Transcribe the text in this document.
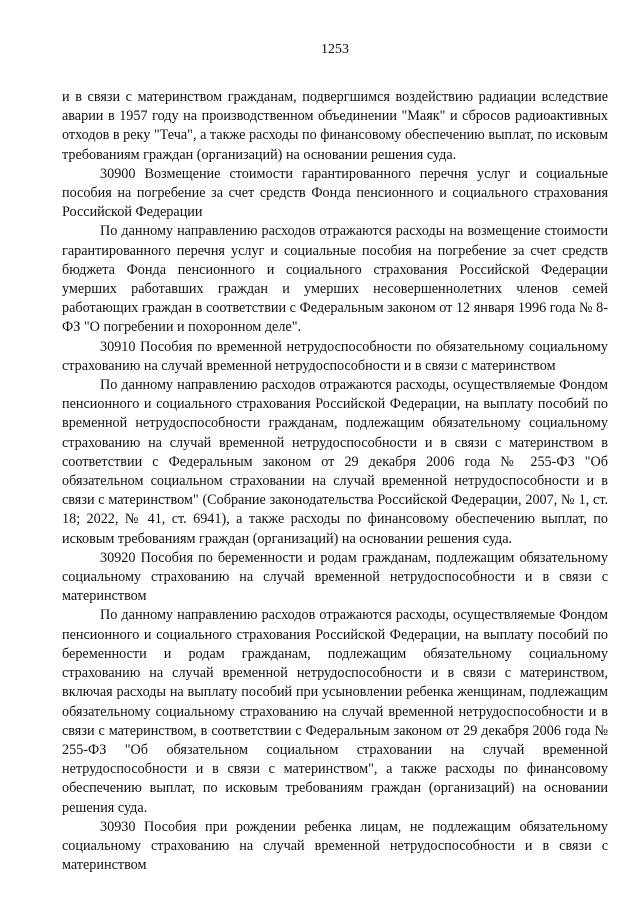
1253

и в связи с материнством гражданам, подвергшимся воздействию радиации вследствие аварии в 1957 году на производственном объединении "Маяк" и сбросов радиоактивных отходов в реку "Теча", а также расходы по финансовому обеспечению выплат, по исковым требованиям граждан (организаций) на основании решения суда.

30900 Возмещение стоимости гарантированного перечня услуг и социальные пособия на погребение за счет средств Фонда пенсионного и социального страхования Российской Федерации

По данному направлению расходов отражаются расходы на возмещение стоимости гарантированного перечня услуг и социальные пособия на погребение за счет средств бюджета Фонда пенсионного и социального страхования Российской Федерации умерших работавших граждан и умерших несовершеннолетних членов семей работающих граждан в соответствии с Федеральным законом от 12 января 1996 года № 8-ФЗ "О погребении и похоронном деле".

30910 Пособия по временной нетрудоспособности по обязательному социальному страхованию на случай временной нетрудоспособности и в связи с материнством

По данному направлению расходов отражаются расходы, осуществляемые Фондом пенсионного и социального страхования Российской Федерации, на выплату пособий по временной нетрудоспособности гражданам, подлежащим обязательному социальному страхованию на случай временной нетрудоспособности и в связи с материнством в соответствии с Федеральным законом от 29 декабря 2006 года № 255-ФЗ "Об обязательном социальном страховании на случай временной нетрудоспособности и в связи с материнством" (Собрание законодательства Российской Федерации, 2007, № 1, ст. 18; 2022, № 41, ст. 6941), а также расходы по финансовому обеспечению выплат, по исковым требованиям граждан (организаций) на основании решения суда.

30920 Пособия по беременности и родам гражданам, подлежащим обязательному социальному страхованию на случай временной нетрудоспособности и в связи с материнством

По данному направлению расходов отражаются расходы, осуществляемые Фондом пенсионного и социального страхования Российской Федерации, на выплату пособий по беременности и родам гражданам, подлежащим обязательному социальному страхованию на случай временной нетрудоспособности и в связи с материнством, включая расходы на выплату пособий при усыновлении ребенка женщинам, подлежащим обязательному социальному страхованию на случай временной нетрудоспособности и в связи с материнством, в соответствии с Федеральным законом от 29 декабря 2006 года № 255-ФЗ "Об обязательном социальном страховании на случай временной нетрудоспособности и в связи с материнством", а также расходы по финансовому обеспечению выплат, по исковым требованиям граждан (организаций) на основании решения суда.

30930 Пособия при рождении ребенка лицам, не подлежащим обязательному социальному страхованию на случай временной нетрудоспособности и в связи с материнством
